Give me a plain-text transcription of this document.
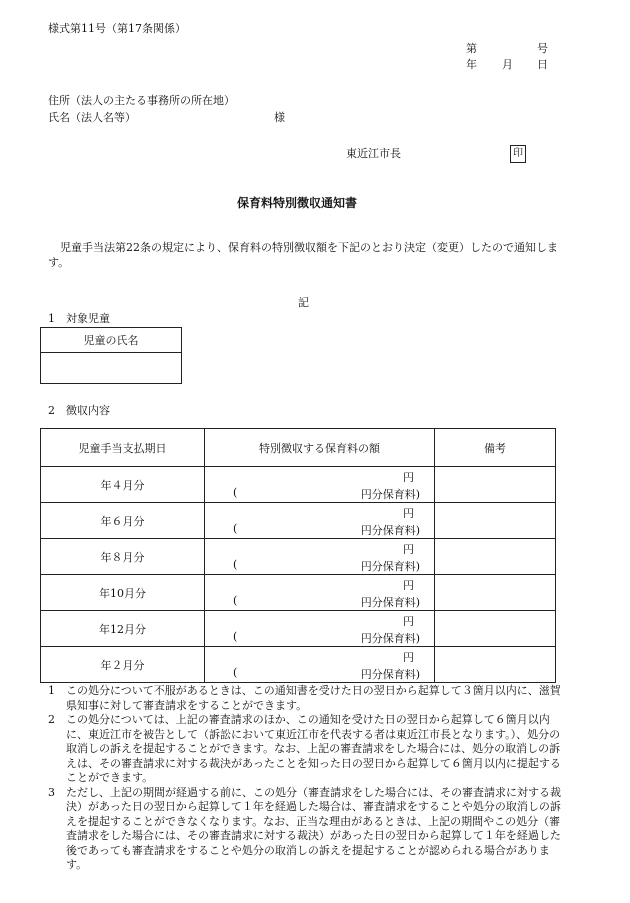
様式第11号（第17条関係）
第	号
年 月 日
住所（法人の主たる事務所の所在地）
氏名（法人名等）	様
東近江市長	印
保育料特別徴収通知書
児童手当法第22条の規定により、保育料の特別徴収額を下記のとおり決定（変更）したので通知します。
記
1　対象児童
児童の氏名

2　徴収内容
児童手当支払期日	特別徴収する保育料の額	備考
年４月分	円
( 円分保育料)	

年６月分	円
( 円分保育料)	

年８月分	円
( 円分保育料)	

年10月分	円
( 円分保育料)	

年12月分	円
( 円分保育料)	

年２月分	円
( 円分保育料)	

1 この処分について不服があるときは、この通知書を受けた日の翌日から起算して３箇月以内に、滋賀県知事に対して審査請求をすることができます。

2 この処分については、上記の審査請求のほか、この通知を受けた日の翌日から起算して６箇月以内に、東近江市を被告として（訴訟において東近江市を代表する者は東近江市長となります。）、処分の取消しの訴えを提起することができます。なお、上記の審査請求をした場合には、処分の取消しの訴えは、その審査請求に対する裁決があったことを知った日の翌日から起算して６箇月以内に提起することができます。

3 ただし、上記の期間が経過する前に、この処分（審査請求をした場合には、その審査請求に対する裁決）があった日の翌日から起算して１年を経過した場合は、審査請求をすることや処分の取消しの訴えを提起することができなくなります。なお、正当な理由があるときは、上記の期間やこの処分（審査請求をした場合には、その審査請求に対する裁決）があった日の翌日から起算して１年を経過した後であっても審査請求をすることや処分の取消しの訴えを提起することが認められる場合があります。
